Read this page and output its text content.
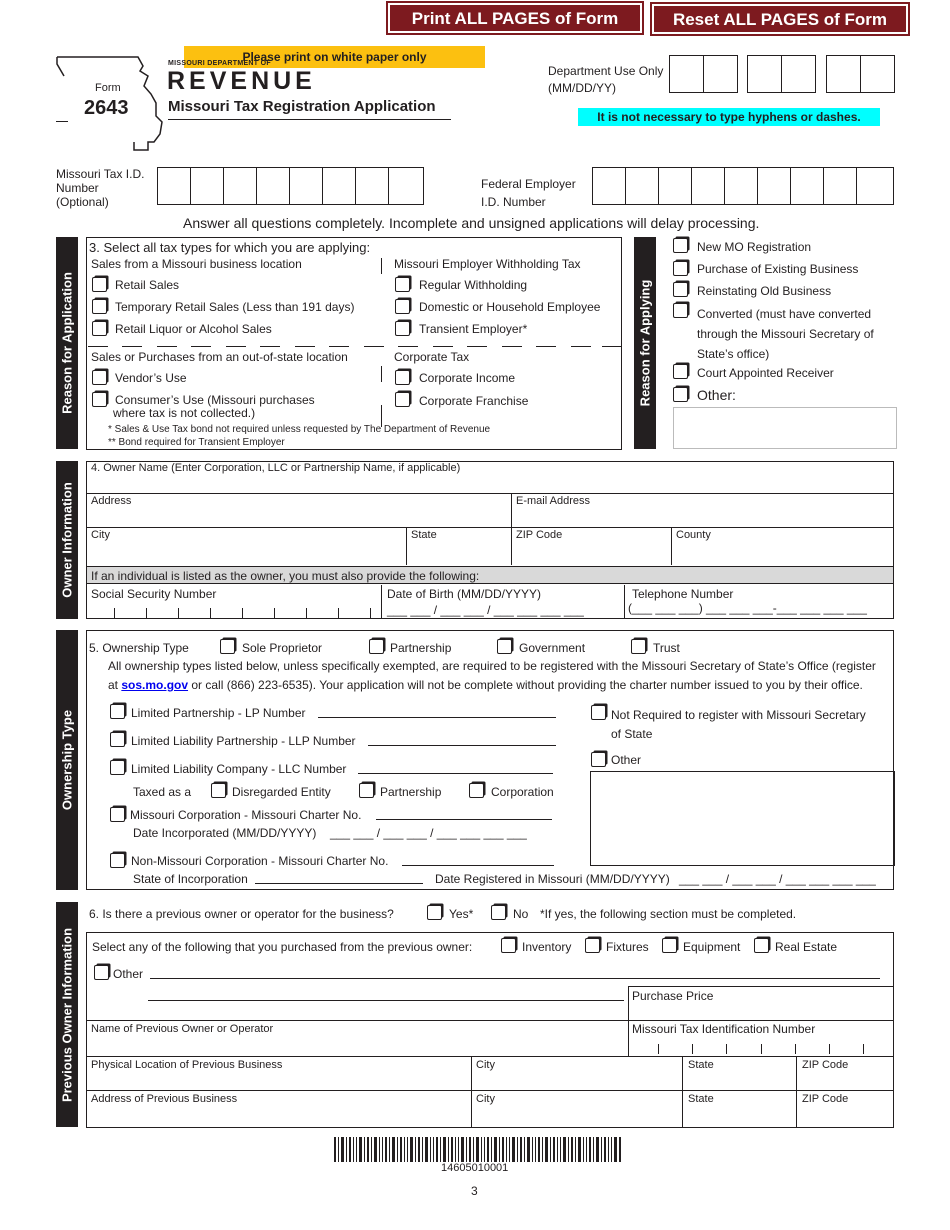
Print ALL PAGES of Form	Reset ALL PAGES of Form
Please print on white paper only
Form
2643
MISSOURI DEPARTMENT OF
REVENUE
Missouri Tax Registration Application
Department Use Only
(MM/DD/YY)
It is not necessary to type hyphens or dashes.
Missouri Tax I.D.
Number
(Optional)
Federal Employer
I.D. Number
Answer all questions completely. Incomplete and unsigned applications will delay processing.
Reason for Application
3. Select all tax types for which you are applying:
Sales from a Missouri business location
Retail Sales
Temporary Retail Sales (Less than 191 days)
Retail Liquor or Alcohol Sales
Missouri Employer Withholding Tax
Regular Withholding
Domestic or Household Employee
Transient Employer*
Sales or Purchases from an out-of-state location
Vendor’s Use
Consumer’s Use (Missouri purchases
where tax is not collected.)
Corporate Tax
Corporate Income
Corporate Franchise
* Sales & Use Tax bond not required unless requested by The Department of Revenue
** Bond required for Transient Employer
Reason for Applying
New MO Registration
Purchase of Existing Business
Reinstating Old Business
Converted (must have converted
through the Missouri Secretary of
State’s office)
Court Appointed Receiver
Other:
Owner Information
4. Owner Name (Enter Corporation, LLC or Partnership Name, if applicable)
Address	E-mail Address
City	State	ZIP Code	County
If an individual is listed as the owner, you must also provide the following:
Social Security Number	Date of Birth (MM/DD/YYYY)
___ ___ / ___ ___ / ___ ___ ___ ___
Telephone Number
(___ ___ ___) ___ ___ ___-___ ___ ___ ___
Ownership Type
5. Ownership Type	Sole Proprietor	Partnership	Government	Trust
All ownership types listed below, unless specifically exempted, are required to be registered with the Missouri Secretary of State’s Office (register
at sos.mo.gov or call (866) 223-6535). Your application will not be complete without providing the charter number issued to you by their office.
Limited Partnership - LP Number
Limited Liability Partnership - LLP Number
Limited Liability Company - LLC Number
Taxed as a	Disregarded Entity	Partnership	Corporation
Missouri Corporation - Missouri Charter No.
Date Incorporated (MM/DD/YYYY) ___ ___ / ___ ___ / ___ ___ ___ ___
Non-Missouri Corporation - Missouri Charter No.
State of Incorporation	Date Registered in Missouri (MM/DD/YYYY) ___ ___ / ___ ___ / ___ ___ ___ ___
Not Required to register with Missouri Secretary
of State
Other
Previous Owner Information
6. Is there a previous owner or operator for the business?	Yes*	No *If yes, the following section must be completed.
Select any of the following that you purchased from the previous owner:	Inventory	Fixtures	Equipment	Real Estate
Other
Purchase Price
Missouri Tax Identification Number
Name of Previous Owner or Operator
Physical Location of Previous Business	City	State	ZIP Code
Address of Previous Business	City	State	ZIP Code
14605010001
3
